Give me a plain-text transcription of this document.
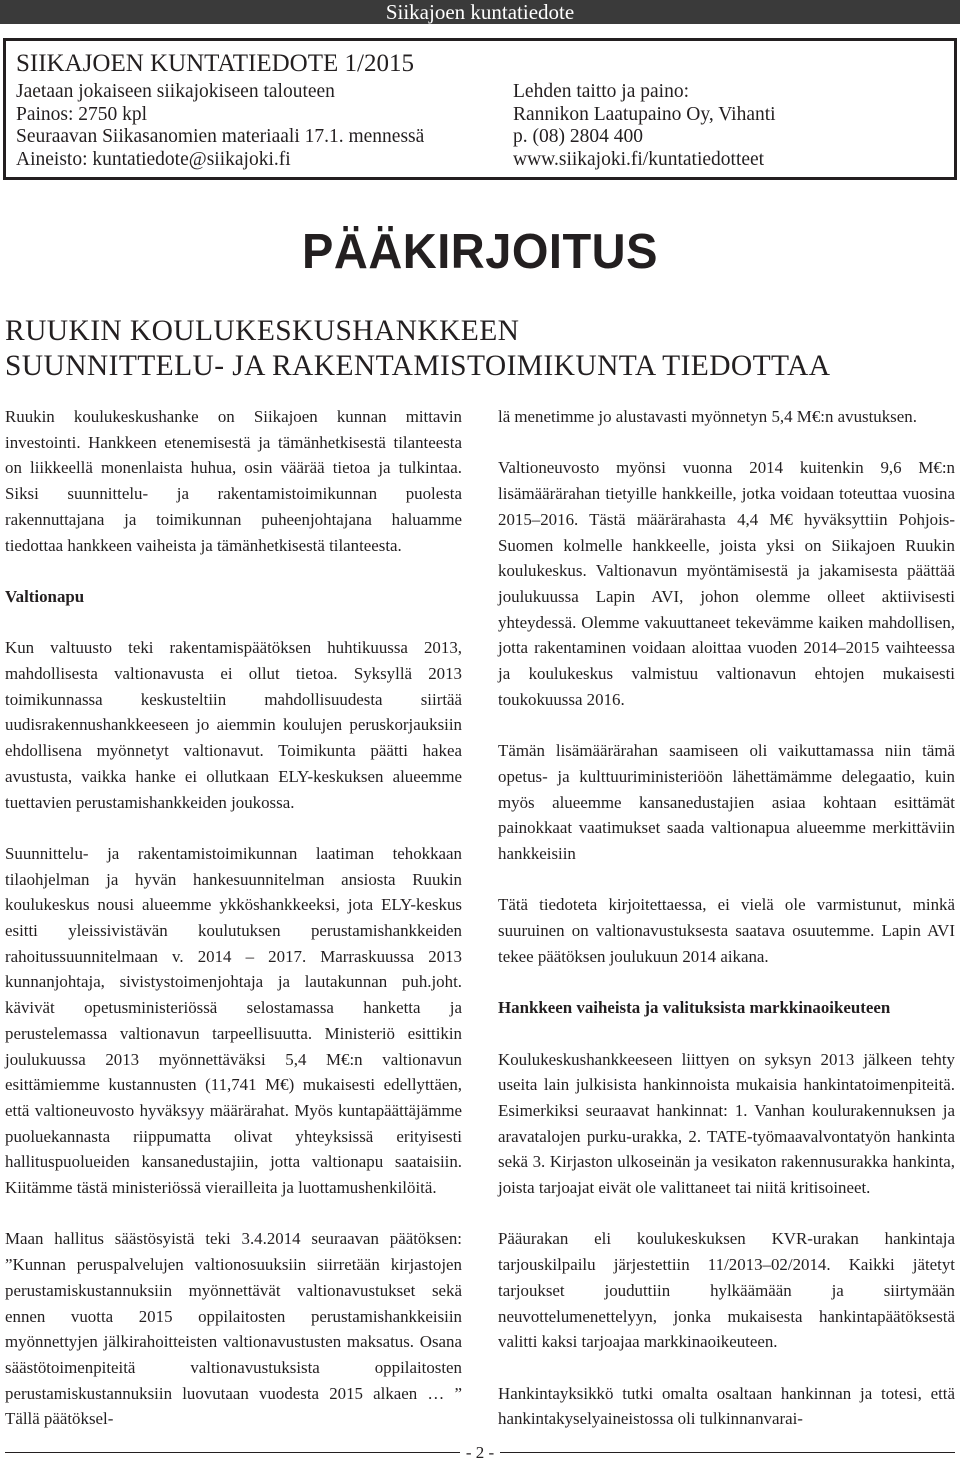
Siikajoen kuntatiedote
SIIKAJOEN KUNTATIEDOTE 1/2015
Jaetaan jokaiseen siikajokiseen talouteen
Painos: 2750 kpl
Seuraavan Siikasanomien materiaali 17.1. mennessä
Aineisto: kuntatiedote@siikajoki.fi
Lehden taitto ja paino:
Rannikon Laatupaino Oy, Vihanti
p. (08) 2804 400
www.siikajoki.fi/kuntatiedotteet
PÄÄKIRJOITUS
RUUKIN KOULUKESKUSHANKKEEN
SUUNNITTELU- JA RAKENTAMISTOIMIKUNTA TIEDOTTAA

Ruukin koulukeskushanke on Siikajoen kunnan mittavin investointi. Hankkeen etenemisestä ja tämänhetkisestä tilanteesta on liikkeellä monenlaista huhua, osin väärää tietoa ja tulkintaa. Siksi suunnittelu- ja rakentamistoimikunnan puolesta rakennuttajana ja toimikunnan puheenjohtajana haluamme tiedottaa hankkeen vaiheista ja tämänhetkisestä tilanteesta.

Valtionapu

Kun valtuusto teki rakentamispäätöksen huhtikuussa 2013, mahdollisesta valtionavusta ei ollut tietoa. Syksyllä 2013 toimikunnassa keskusteltiin mahdollisuudesta siirtää uudisrakennushankkeeseen jo aiemmin koulujen peruskorjauksiin ehdollisena myönnetyt valtionavut. Toimikunta päätti hakea avustusta, vaikka hanke ei ollutkaan ELY-keskuksen alueemme tuettavien perustamishankkeiden joukossa.

Suunnittelu- ja rakentamistoimikunnan laatiman tehokkaan tilaohjelman ja hyvän hankesuunnitelman ansiosta Ruukin koulukeskus nousi alueemme ykköshankkeeksi, jota ELY-keskus esitti yleissivistävän koulutuksen perustamishankkeiden rahoitussuunnitelmaan v. 2014 – 2017. Marraskuussa 2013 kunnanjohtaja, sivistystoimenjohtaja ja lautakunnan puh.joht. kävivät opetusministeriössä selostamassa hanketta ja perustelemassa valtionavun tarpeellisuutta. Ministeriö esittikin joulukuussa 2013 myönnettäväksi 5,4 M€:n valtionavun esittämiemme kustannusten (11,741 M€) mukaisesti edellyttäen, että valtioneuvosto hyväksyy määrärahat. Myös kuntapäättäjämme puoluekannasta riippumatta olivat yhteyksissä erityisesti hallituspuolueiden kansanedustajiin, jotta valtionapu saataisiin. Kiitämme tästä ministeriössä vierailleita ja luottamushenkilöitä.

Maan hallitus säästösyistä teki 3.4.2014 seuraavan päätöksen: ”Kunnan peruspalvelujen valtionosuuksiin siirretään kirjastojen perustamiskustannuksiin myönnettävät valtionavustukset sekä ennen vuotta 2015 oppilaitosten perustamishankkeisiin myönnettyjen jälkirahoitteisten valtionavustusten maksatus. Osana säästötoimenpiteitä valtionavustuksista oppilaitosten perustamiskustannuksiin luovutaan vuodesta 2015 alkaen … ” Tällä päätöksel-

lä menetimme jo alustavasti myönnetyn 5,4 M€:n avustuksen.

Valtioneuvosto myönsi vuonna 2014 kuitenkin 9,6 M€:n lisämäärärahan tietyille hankkeille, jotka voidaan toteuttaa vuosina 2015–2016. Tästä määrärahasta 4,4 M€ hyväksyttiin Pohjois-Suomen kolmelle hankkeelle, joista yksi on Siikajoen Ruukin koulukeskus. Valtionavun myöntämisestä ja jakamisesta päättää joulukuussa Lapin AVI, johon olemme olleet aktiivisesti yhteydessä. Olemme vakuuttaneet tekevämme kaiken mahdollisen, jotta rakentaminen voidaan aloittaa vuoden 2014–2015 vaihteessa ja koulukeskus valmistuu valtionavun ehtojen mukaisesti toukokuussa 2016.

Tämän lisämäärärahan saamiseen oli vaikuttamassa niin tämä opetus- ja kulttuuriministeriöön lähettämämme delegaatio, kuin myös alueemme kansanedustajien asiaa kohtaan esittämät painokkaat vaatimukset saada valtionapua alueemme merkittäviin hankkeisiin

Tätä tiedoteta kirjoitettaessa, ei vielä ole varmistunut, minkä suuruinen on valtionavustuksesta saatava osuutemme. Lapin AVI tekee päätöksen joulukuun 2014 aikana.

Hankkeen vaiheista ja valituksista markkinaoikeuteen

Koulukeskushankkeeseen liittyen on syksyn 2013 jälkeen tehty useita lain julkisista hankinnoista mukaisia hankintatoimenpiteitä. Esimerkiksi seuraavat hankinnat: 1. Vanhan koulurakennuksen ja aravatalojen purku-urakka, 2. TATE-työmaavalvontatyön hankinta sekä 3. Kirjaston ulkoseinän ja vesikaton rakennusurakka hankinta, joista tarjoajat eivät ole valittaneet tai niitä kritisoineet.

Pääurakan eli koulukeskuksen KVR-urakan hankintaja tarjouskilpailu järjestettiin 11/2013–02/2014. Kaikki jätetyt tarjoukset jouduttiin hylkäämään ja siirtymään neuvottelumenettelyyn, jonka mukaisesta hankintapäätöksestä valitti kaksi tarjoajaa markkinaoikeuteen.

Hankintayksikkö tutki omalta osaltaan hankinnan ja totesi, että hankintakyselyaineistossa oli tulkinnanvarai-

- 2 -
